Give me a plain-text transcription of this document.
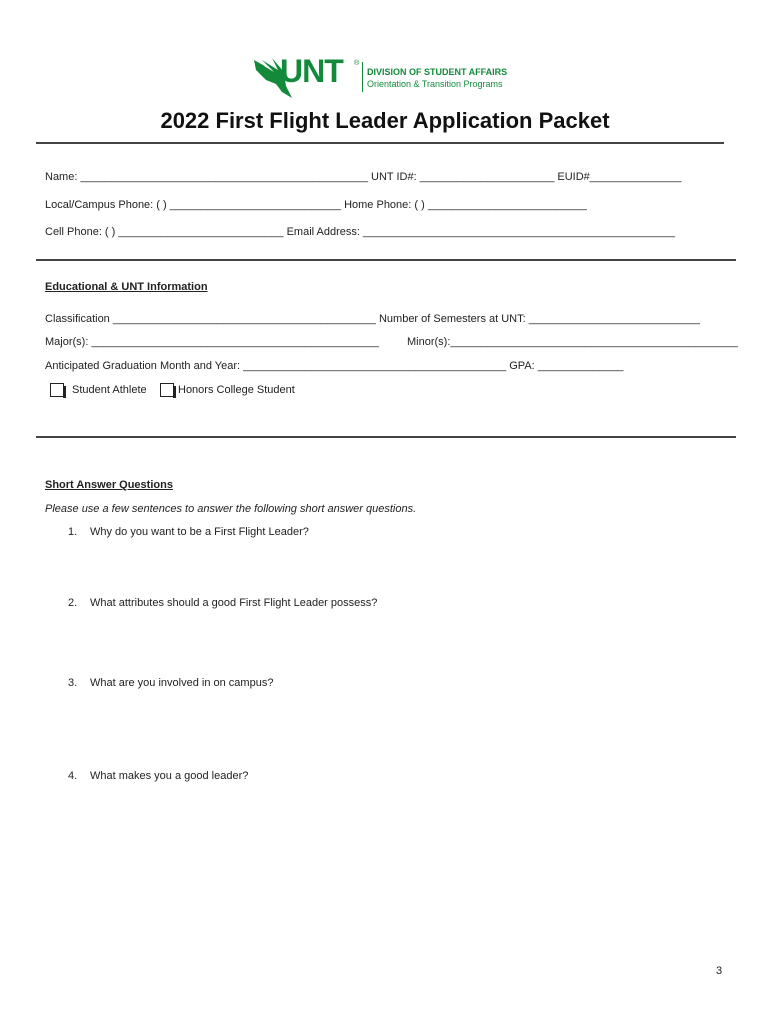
UNT ®
DIVISION OF STUDENT AFFAIRS
Orientation & Transition Programs
2022 First Flight Leader Application Packet
Name: _______________________________________________ UNT ID#: ______________________ EUID#_______________
Local/Campus Phone: ( ) ____________________________ Home Phone: ( ) __________________________
Cell Phone: ( ) ___________________________ Email Address: ___________________________________________________
Educational & UNT Information
Classification ___________________________________________ Number of Semesters at UNT: ____________________________
Major(s): _______________________________________________	Minor(s):_______________________________________________
Anticipated Graduation Month and Year: ___________________________________________ GPA: ______________
Student Athlete	Honors College Student
Short Answer Questions
Please use a few sentences to answer the following short answer questions.
1. Why do you want to be a First Flight Leader?
2. What attributes should a good First Flight Leader possess?
3. What are you involved in on campus?
4. What makes you a good leader?
3
